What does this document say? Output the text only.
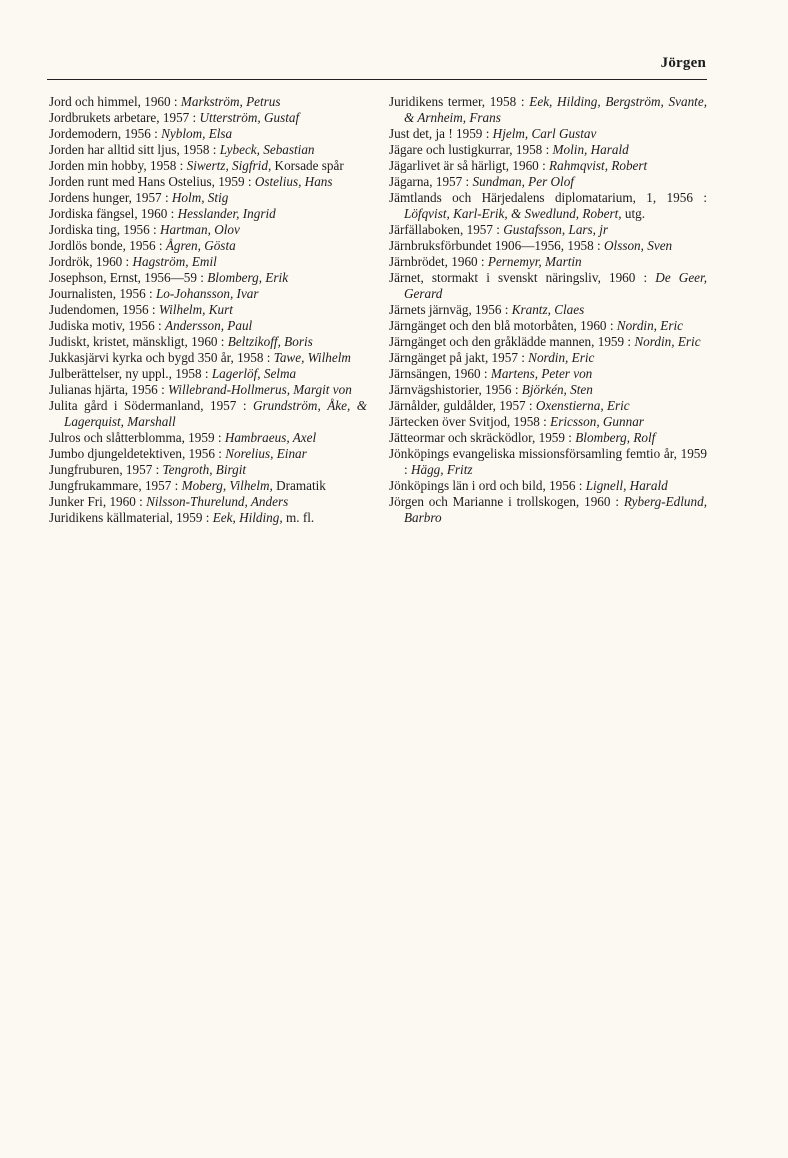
Jörgen
Jord och himmel, 1960 : Markström, Petrus
Jordbrukets arbetare, 1957 : Utterström, Gustaf
Jordemodern, 1956 : Nyblom, Elsa
Jorden har alltid sitt ljus, 1958 : Lybeck, Sebastian
Jorden min hobby, 1958 : Siwertz, Sigfrid, Korsade spår
Jorden runt med Hans Ostelius, 1959 : Ostelius, Hans
Jordens hunger, 1957 : Holm, Stig
Jordiska fängsel, 1960 : Hesslander, Ingrid
Jordiska ting, 1956 : Hartman, Olov
Jordlös bonde, 1956 : Ågren, Gösta
Jordrök, 1960 : Hagström, Emil
Josephson, Ernst, 1956—59 : Blomberg, Erik
Journalisten, 1956 : Lo-Johansson, Ivar
Judendomen, 1956 : Wilhelm, Kurt
Judiska motiv, 1956 : Andersson, Paul
Judiskt, kristet, mänskligt, 1960 : Beltzikoff, Boris
Jukkasjärvi kyrka och bygd 350 år, 1958 : Tawe, Wilhelm
Julberättelser, ny uppl., 1958 : Lagerlöf, Selma
Julianas hjärta, 1956 : Willebrand-Hollmerus, Margit von
Julita gård i Södermanland, 1957 : Grundström, Åke, & Lagerquist, Marshall
Julros och slåtterblomma, 1959 : Hambraeus, Axel
Jumbo djungeldetektiven, 1956 : Norelius, Einar
Jungfruburen, 1957 : Tengroth, Birgit
Jungfrukammare, 1957 : Moberg, Vilhelm, Dramatik
Junker Fri, 1960 : Nilsson-Thurelund, Anders
Juridikens källmaterial, 1959 : Eek, Hilding, m. fl.
Juridikens termer, 1958 : Eek, Hilding, Bergström, Svante, & Arnheim, Frans
Just det, ja ! 1959 : Hjelm, Carl Gustav
Jägare och lustigkurrar, 1958 : Molin, Harald
Jägarlivet är så härligt, 1960 : Rahmqvist, Robert
Jägarna, 1957 : Sundman, Per Olof
Jämtlands och Härjedalens diplomatarium, 1, 1956 : Löfqvist, Karl-Erik, & Swedlund, Robert, utg.
Järfällaboken, 1957 : Gustafsson, Lars, jr
Järnbruksförbundet 1906—1956, 1958 : Olsson, Sven
Järnbrödet, 1960 : Pernemyr, Martin
Järnet, stormakt i svenskt näringsliv, 1960 : De Geer, Gerard
Järnets järnväg, 1956 : Krantz, Claes
Järngänget och den blå motorbåten, 1960 : Nordin, Eric
Järngänget och den gråklädde mannen, 1959 : Nordin, Eric
Järngänget på jakt, 1957 : Nordin, Eric
Järnsängen, 1960 : Martens, Peter von
Järnvägshistorier, 1956 : Björkén, Sten
Järnålder, guldålder, 1957 : Oxenstierna, Eric
Järtecken över Svitjod, 1958 : Ericsson, Gunnar
Jätteormar och skräcködlor, 1959 : Blomberg, Rolf
Jönköpings evangeliska missionsförsamling femtio år, 1959 : Hägg, Fritz
Jönköpings län i ord och bild, 1956 : Lignell, Harald
Jörgen och Marianne i trollskogen, 1960 : Ryberg-Edlund, Barbro
